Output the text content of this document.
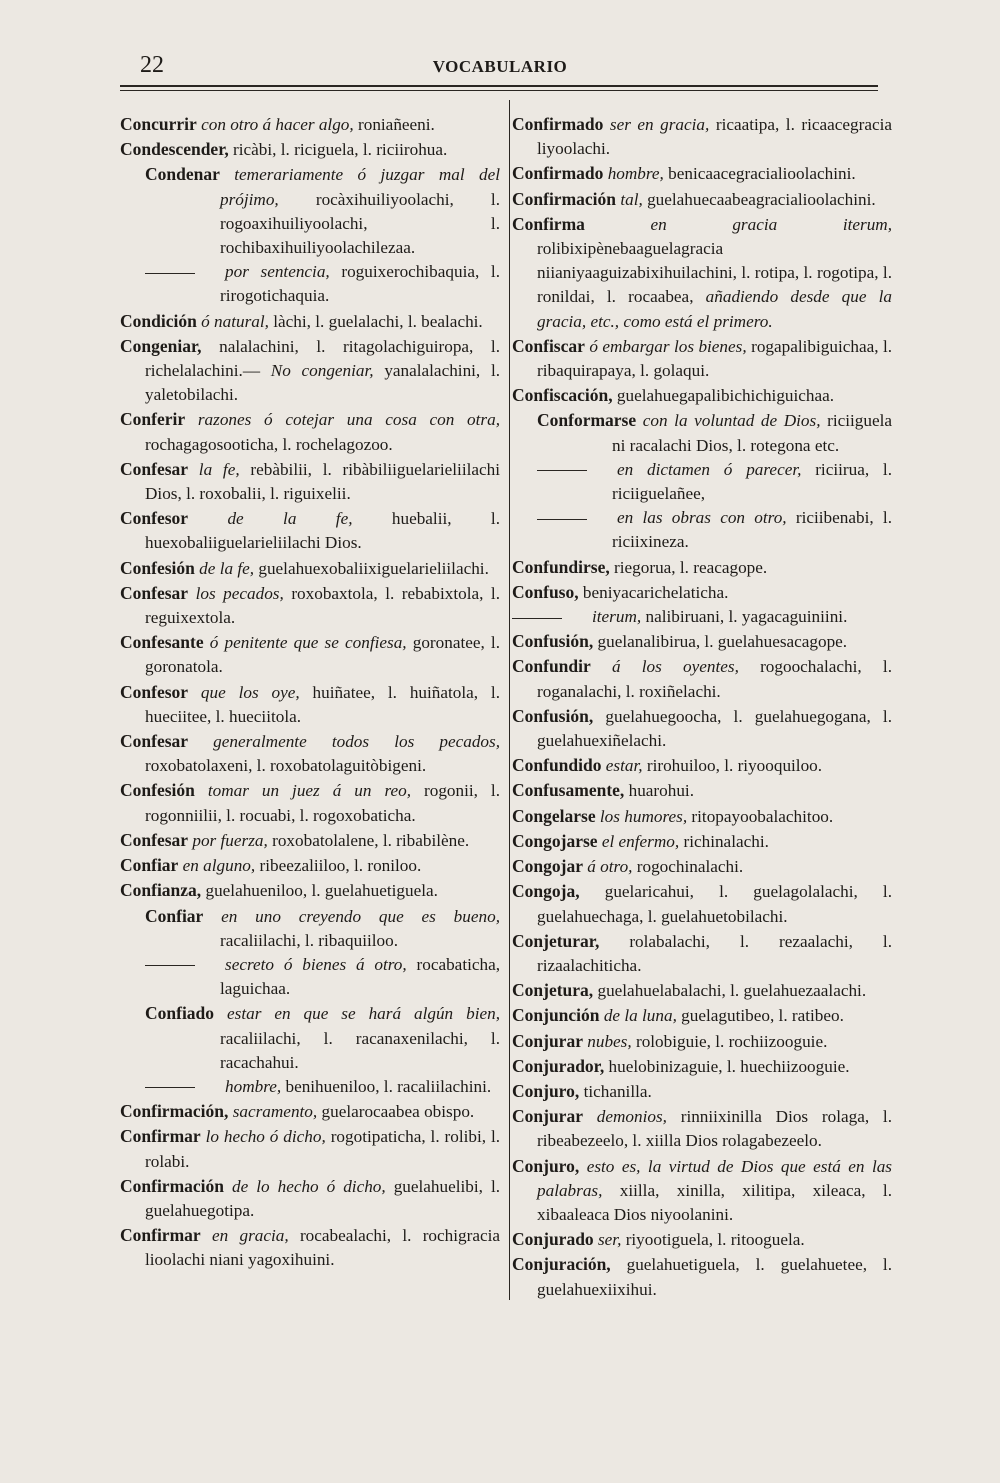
22	VOCABULARIO

Concurrir con otro á hacer algo, roniañeeni.

Condescender, ricàbi, l. riciguela, l. riciirohua.

Condenar temerariamente ó juzgar mal del prójimo, rocàxihuiliyoolachi, l. rogoaxihuiliyoolachi, l. rochibaxihuiliyoolachilezaa.

por sentencia, roguixerochibaquia, l. rirogotichaquia.

Condición ó natural, làchi, l. guelalachi, l. bealachi.

Congeniar, nalalachini, l. ritagolachiguiropa, l. richelalachini.— No congeniar, yanalalachini, l. yaletobilachi.

Conferir razones ó cotejar una cosa con otra, rochagagosooticha, l. rochelagozoo.

Confesar la fe, rebàbilii, l. ribàbiliiguelarieliilachi Dios, l. roxobalii, l. riguixelii.

Confesor de la fe, huebalii, l. huexobaliiguelarieliilachi Dios.

Confesión de la fe, guelahuexobaliixiguelarieliilachi.

Confesar los pecados, roxobaxtola, l. rebabixtola, l. reguixextola.

Confesante ó penitente que se confiesa, goronatee, l. goronatola.

Confesor que los oye, huiñatee, l. huiñatola, l. hueciitee, l. hueciitola.

Confesar generalmente todos los pecados, roxobatolaxeni, l. roxobatolaguitòbigeni.

Confesión tomar un juez á un reo, rogonii, l. rogonniilii, l. rocuabi, l. rogoxobaticha.

Confesar por fuerza, roxobatolalene, l. ribabilène.

Confiar en alguno, ribeezaliiloo, l. roniloo.

Confianza, guelahueniloo, l. guelahuetiguela.

Confiar en uno creyendo que es bueno, racaliilachi, l. ribaquiiloo.

secreto ó bienes á otro, rocabaticha, laguichaa.

Confiado estar en que se hará algún bien, racaliilachi, l. racanaxenilachi, l. racachahui.

hombre, benihueniloo, l. racaliilachini.

Confirmación, sacramento, guelarocaabea obispo.

Confirmar lo hecho ó dicho, rogotipaticha, l. rolibi, l. rolabi.

Confirmación de lo hecho ó dicho, guelahuelibi, l. guelahuegotipa.

Confirmar en gracia, rocabealachi, l. rochigracia lioolachi niani yagoxihuini.

Confirmado ser en gracia, ricaatipa, l. ricaacegracia liyoolachi.

Confirmado hombre, benicaacegracialioolachini.

Confirmación tal, guelahuecaabeagracialioolachini.

Confirma	en gracia iterum, rolibixipènebaaguelagracia niianiyaaguizabixihuilachini, l. rotipa, l. rogotipa, l. ronildai, l. rocaabea, añadiendo desde que la gracia, etc., como está el primero.

Confiscar ó embargar los bienes, rogapalibiguichaa, l. ribaquirapaya, l. golaqui.

Confiscación, guelahuegapalibichichiguichaa.

Conformarse con la voluntad de Dios, riciiguela ni racalachi Dios, l. rotegona etc.

en dictamen ó parecer, riciirua, l. riciiguelañee,

en las obras con otro, riciibenabi, l. riciixineza.

Confundirse, riegorua, l. reacagope.

Confuso, beniyacarichelaticha.

iterum, nalibiruani, l. yagacaguiniini.

Confusión, guelanalibirua, l. guelahuesacagope.

Confundir á los oyentes, rogoochalachi, l. roganalachi, l. roxiñelachi.

Confusión, guelahuegoocha, l. guelahuegogana, l. guelahuexiñelachi.

Confundido estar, rirohuiloo, l. riyooquiloo.

Confusamente, huarohui.

Congelarse los humores, ritopayoobalachitoo.

Congojarse el enfermo, richinalachi.

Congojar á otro, rogochinalachi.

Congoja, guelaricahui, l. guelagolalachi, l. guelahuechaga, l. guelahuetobilachi.

Conjeturar, rolabalachi, l. rezaalachi, l. rizaalachiticha.

Conjetura, guelahuelabalachi, l. guelahuezaalachi.

Conjunción de la luna, guelagutibeo, l. ratibeo.

Conjurar nubes, rolobiguie, l. rochiizooguie.

Conjurador, huelobinizaguie, l. huechiizooguie.

Conjuro, tichanilla.

Conjurar demonios, rinniixinilla Dios rolaga, l. ribeabezeelo, l. xiilla Dios rolagabezeelo.

Conjuro, esto es, la virtud de Dios que está en las palabras, xiilla, xinilla, xilitipa, xileaca, l. xibaaleaca Dios niyoolanini.

Conjurado ser, riyootiguela, l. ritooguela.

Conjuración, guelahuetiguela, l. guelahuetee, l. guelahuexiixihui.
